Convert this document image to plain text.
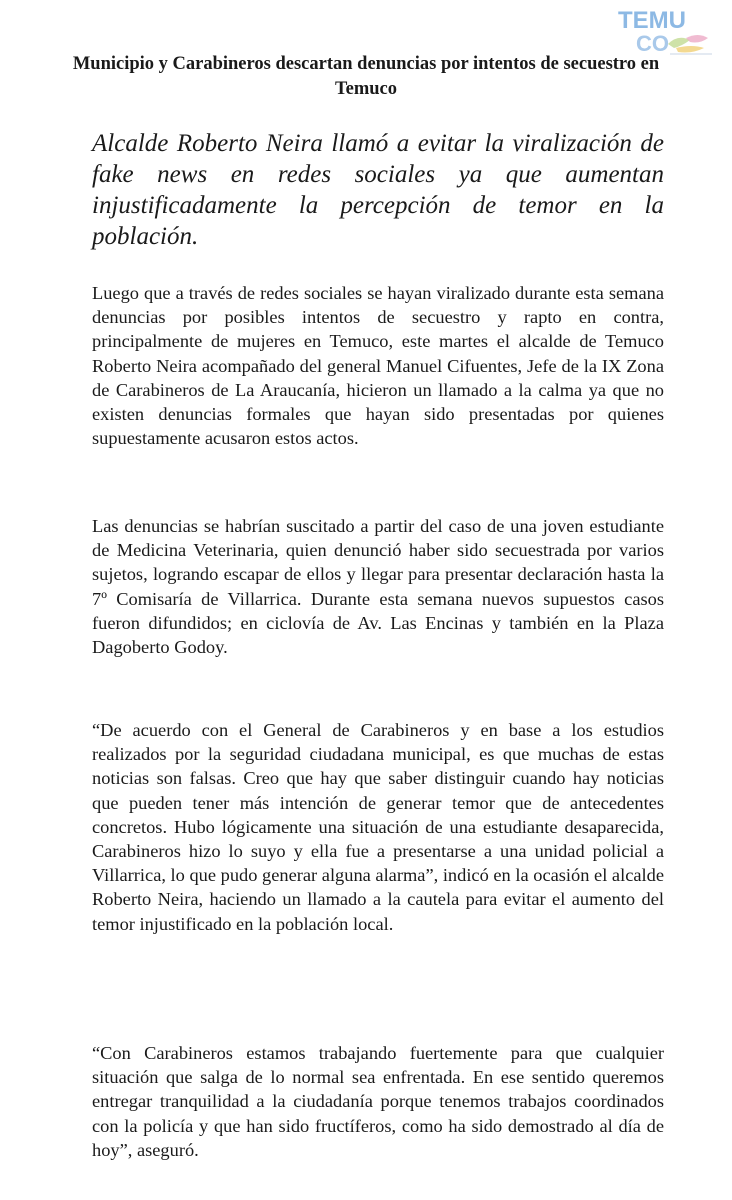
TEMU
CO
Municipio y Carabineros descartan denuncias por intentos de secuestro en Temuco

Alcalde Roberto Neira llamó a evitar la viralización de fake news en redes sociales ya que aumentan injustificadamente la percepción de temor en la población.

Luego que a través de redes sociales se hayan viralizado durante esta semana denuncias por posibles intentos de secuestro y rapto en contra, principalmente de mujeres en Temuco, este martes el alcalde de Temuco Roberto Neira acompañado del general Manuel Cifuentes, Jefe de la IX Zona de Carabineros de La Araucanía, hicieron un llamado a la calma ya que no existen denuncias formales que hayan sido presentadas por quienes supuestamente acusaron estos actos.

Las denuncias se habrían suscitado a partir del caso de una joven estudiante de Medicina Veterinaria, quien denunció haber sido secuestrada por varios sujetos, logrando escapar de ellos y llegar para presentar declaración hasta la 7º Comisaría de Villarrica. Durante esta semana nuevos supuestos casos fueron difundidos; en ciclovía de Av. Las Encinas y también en la Plaza Dagoberto Godoy.

“De acuerdo con el General de Carabineros y en base a los estudios realizados por la seguridad ciudadana municipal, es que muchas de estas noticias son falsas. Creo que hay que saber distinguir cuando hay noticias que pueden tener más intención de generar temor que de antecedentes concretos. Hubo lógicamente una situación de una estudiante desaparecida, Carabineros hizo lo suyo y ella fue a presentarse a una unidad policial a Villarrica, lo que pudo generar alguna alarma”, indicó en la ocasión el alcalde Roberto Neira, haciendo un llamado a la cautela para evitar el aumento del temor injustificado en la población local.

“Con Carabineros estamos trabajando fuertemente para que cualquier situación que salga de lo normal sea enfrentada. En ese sentido queremos entregar tranquilidad a la ciudadanía porque tenemos trabajos coordinados con la policía y que han sido fructíferos, como ha sido demostrado al día de hoy”, aseguró.
